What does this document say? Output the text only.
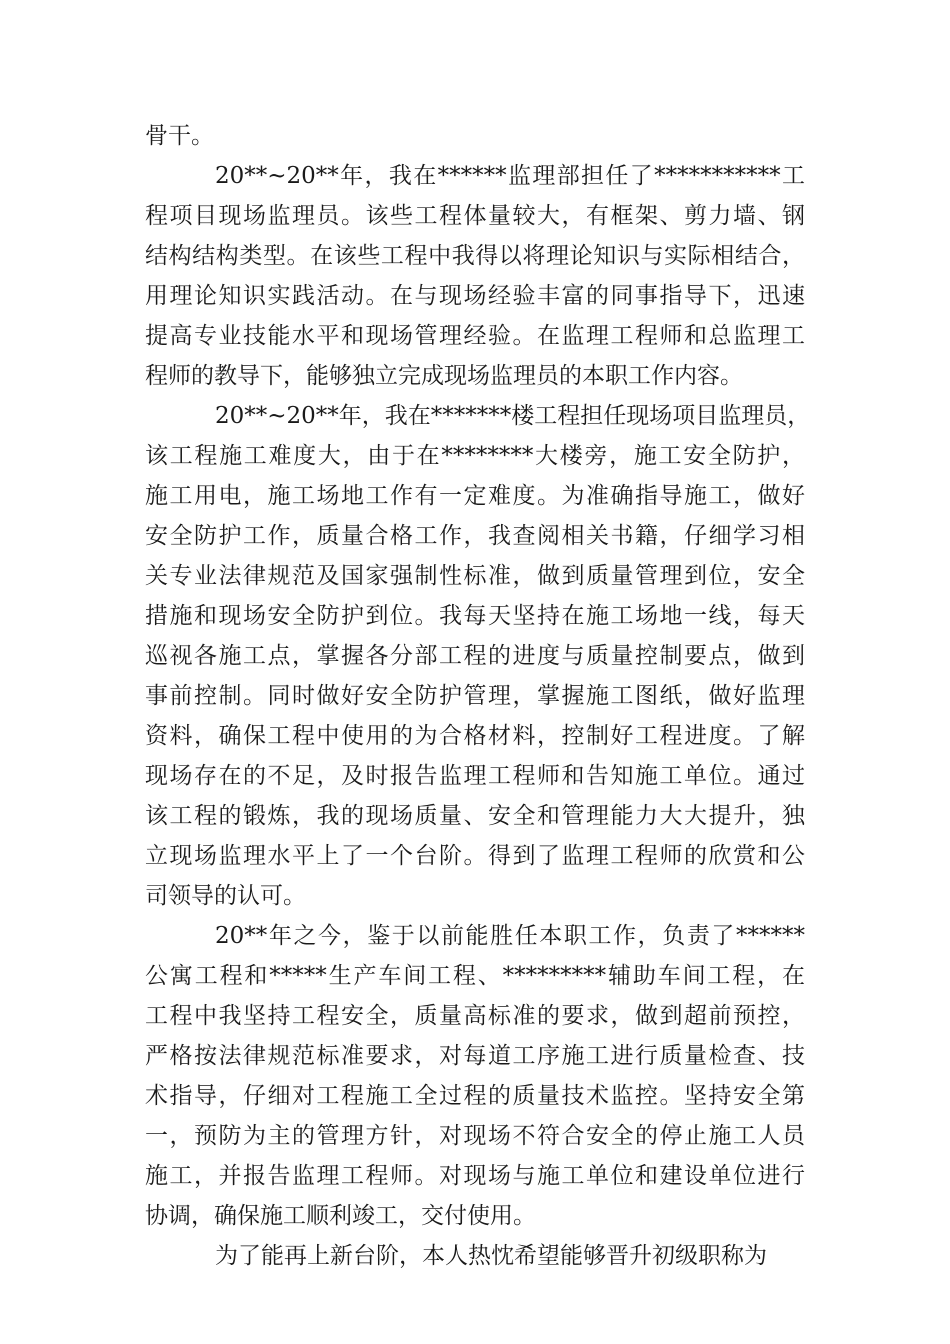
骨干。
20**~20**年，我在******监理部担任了***********工
程项目现场监理员。该些工程体量较大，有框架、剪力墙、钢
结构结构类型。在该些工程中我得以将理论知识与实际相结合，
用理论知识实践活动。在与现场经验丰富的同事指导下，迅速
提高专业技能水平和现场管理经验。在监理工程师和总监理工
程师的教导下，能够独立完成现场监理员的本职工作内容。
20**~20**年，我在*******楼工程担任现场项目监理员，
该工程施工难度大，由于在********大楼旁，施工安全防护，
施工用电，施工场地工作有一定难度。为准确指导施工，做好
安全防护工作，质量合格工作，我查阅相关书籍，仔细学习相
关专业法律规范及国家强制性标准，做到质量管理到位，安全
措施和现场安全防护到位。我每天坚持在施工场地一线，每天
巡视各施工点，掌握各分部工程的进度与质量控制要点，做到
事前控制。同时做好安全防护管理，掌握施工图纸，做好监理
资料，确保工程中使用的为合格材料，控制好工程进度。了解
现场存在的不足，及时报告监理工程师和告知施工单位。通过
该工程的锻炼，我的现场质量、安全和管理能力大大提升，独
立现场监理水平上了一个台阶。得到了监理工程师的欣赏和公
司领导的认可。
20**年之今，鉴于以前能胜任本职工作，负责了******
公寓工程和*****生产车间工程、*********辅助车间工程，在
工程中我坚持工程安全，质量高标准的要求，做到超前预控，
严格按法律规范标准要求，对每道工序施工进行质量检查、技
术指导，仔细对工程施工全过程的质量技术监控。坚持安全第
一，预防为主的管理方针，对现场不符合安全的停止施工人员
施工，并报告监理工程师。对现场与施工单位和建设单位进行
协调，确保施工顺利竣工，交付使用。
为了能再上新台阶，本人热忱希望能够晋升初级职称为
